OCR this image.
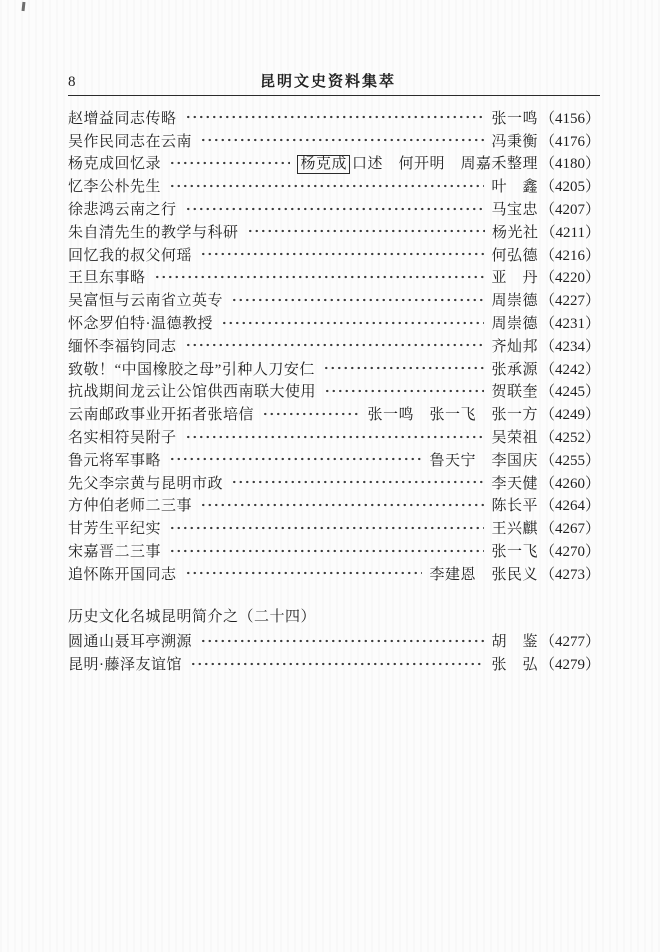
8	昆明文史资料集萃
赵增益同志传略	张一鸣 （4156）
吴作民同志在云南	冯秉衡 （4176）
杨克成回忆录	杨克成 口述　何开明　周嘉禾整理 （4180）
忆李公朴先生	叶　鑫 （4205）
徐悲鸿云南之行	马宝忠 （4207）
朱自清先生的教学与科研	杨光社 （4211）
回忆我的叔父何瑶	何弘德 （4216）
王旦东事略	亚　丹 （4220）
吴富恒与云南省立英专	周崇德 （4227）
怀念罗伯特·温德教授	周崇德 （4231）
缅怀李福钧同志	齐灿邦 （4234）
致敬！“中国橡胶之母”引种人刀安仁	张承源 （4242）
抗战期间龙云让公馆供西南联大使用	贺联奎 （4245）
云南邮政事业开拓者张培信	张一鸣　张一飞　张一方 （4249）
名实相符吴附子	吴荣祖 （4252）
鲁元将军事略	鲁天宁　李国庆 （4255）
先父李宗黄与昆明市政	李天健 （4260）
方仲伯老师二三事	陈长平 （4264）
甘芳生平纪实	王兴麒 （4267）
宋嘉晋二三事	张一飞 （4270）
追怀陈开国同志	李建恩　张民义 （4273）
历史文化名城昆明简介之（二十四）
圆通山聂耳亭溯源	胡　鉴 （4277）
昆明·藤泽友谊馆	张　弘 （4279）
